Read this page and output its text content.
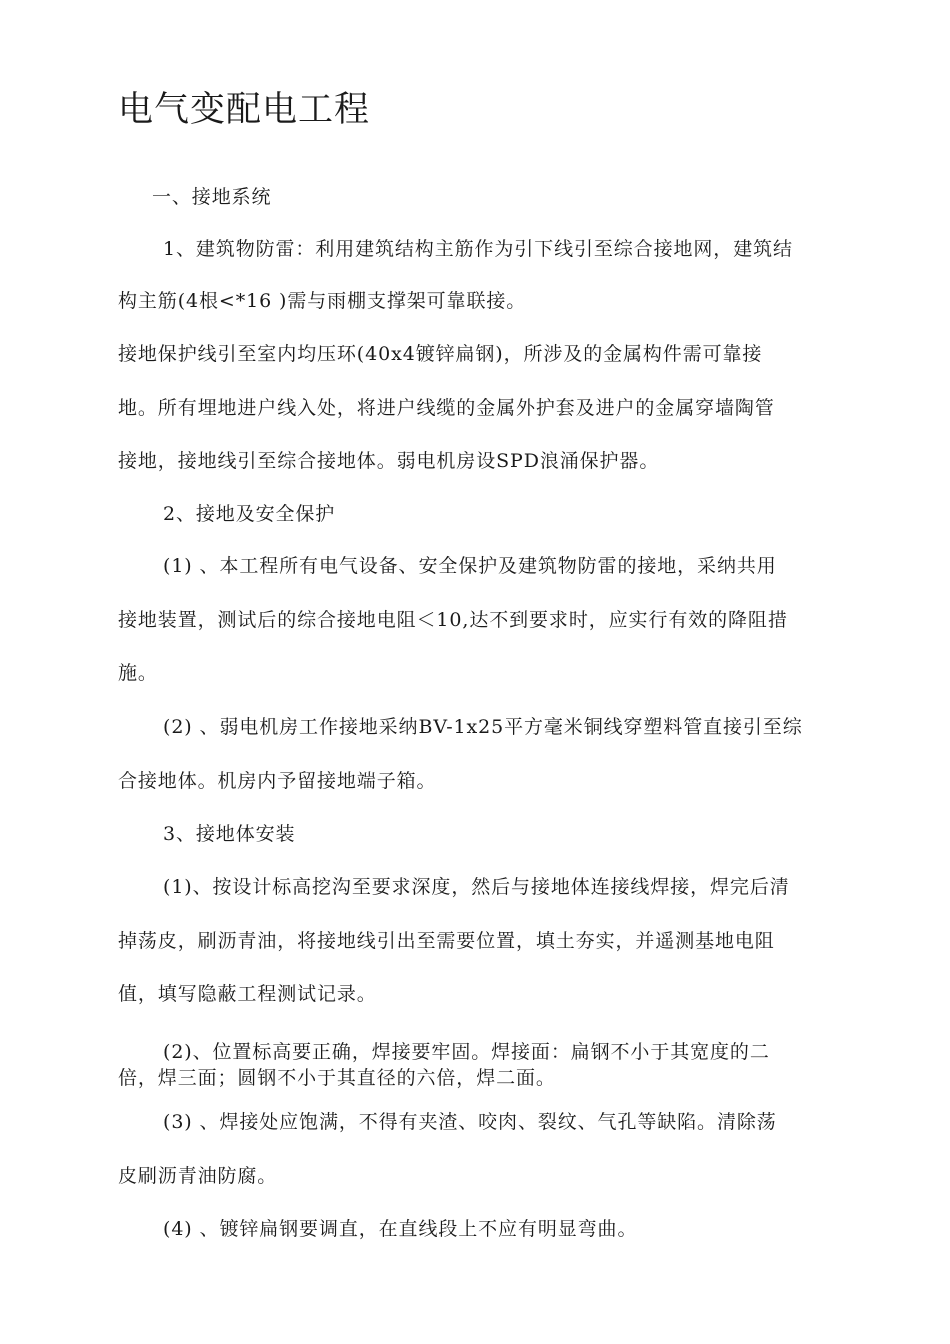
电气变配电工程

一、接地系统

1、建筑物防雷：利用建筑结构主筋作为引下线引至综合接地网，建筑结

构主筋(4根<*16 )需与雨棚支撑架可靠联接。

接地保护线引至室内均压环(40x4镀锌扁钢)，所涉及的金属构件需可靠接

地。所有埋地进户线入处，将进户线缆的金属外护套及进户的金属穿墙陶管

接地，接地线引至综合接地体。弱电机房设SPD浪涌保护器。

2、接地及安全保护

(1) 、本工程所有电气设备、安全保护及建筑物防雷的接地，采纳共用

接地装置，测试后的综合接地电阻＜10,达不到要求时，应实行有效的降阻措

施。

(2) 、弱电机房工作接地采纳BV-1x25平方毫米铜线穿塑料管直接引至综

合接地体。机房内予留接地端子箱。

3、接地体安装

(1)、按设计标高挖沟至要求深度，然后与接地体连接线焊接，焊完后清

掉荡皮，刷沥青油，将接地线引出至需要位置，填土夯实，并遥测基地电阻

值，填写隐蔽工程测试记录。

(2)、位置标高要正确，焊接要牢固。焊接面：扁钢不小于其宽度的二

倍，焊三面；圆钢不小于其直径的六倍，焊二面。

(3) 、焊接处应饱满，不得有夹渣、咬肉、裂纹、气孔等缺陷。清除荡

皮刷沥青油防腐。

(4) 、镀锌扁钢要调直，在直线段上不应有明显弯曲。
